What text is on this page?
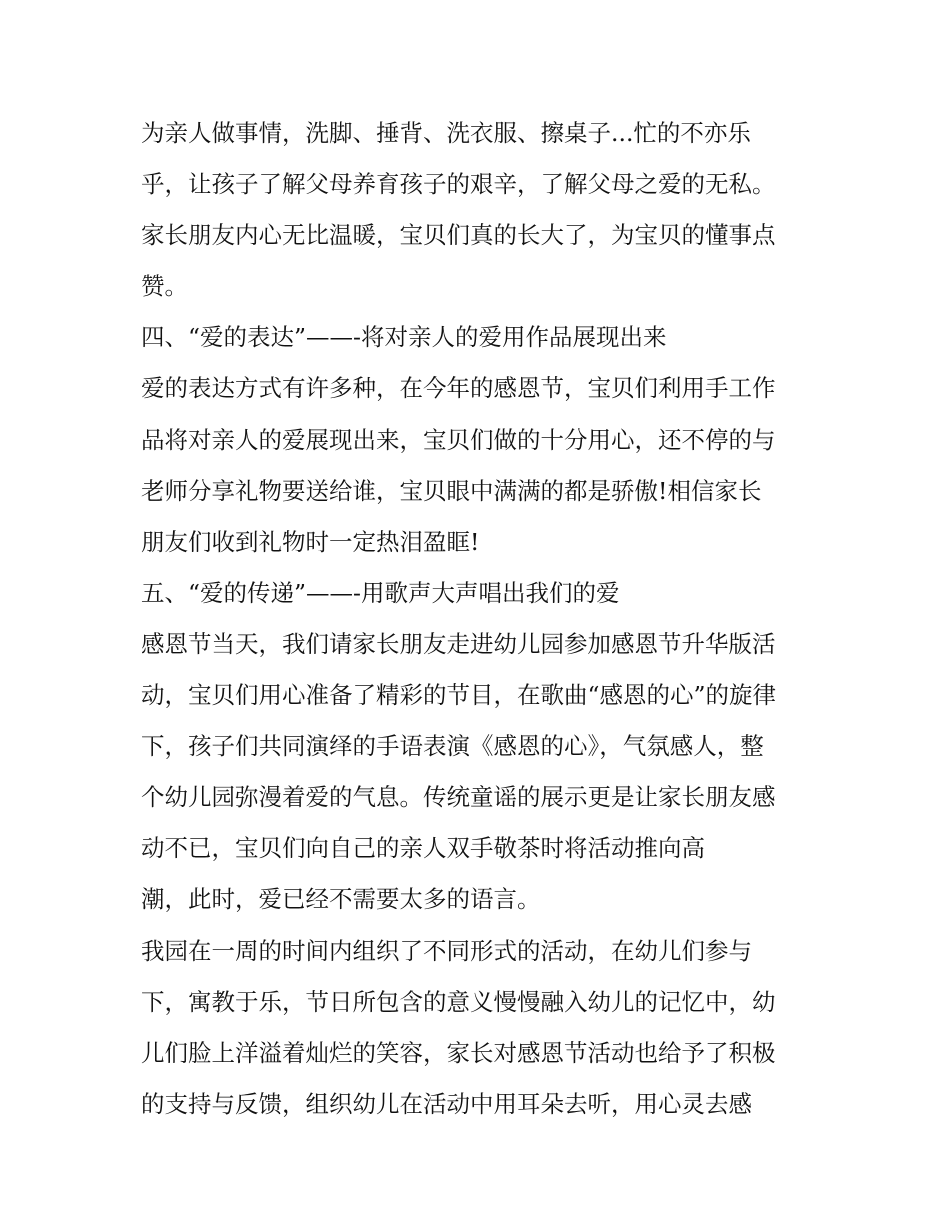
为亲人做事情，洗脚、捶背、洗衣服、擦桌子...忙的不亦乐
乎，让孩子了解父母养育孩子的艰辛，了解父母之爱的无私。
家长朋友内心无比温暖，宝贝们真的长大了，为宝贝的懂事点
赞。
四、“爱的表达”——-将对亲人的爱用作品展现出来
爱的表达方式有许多种，在今年的感恩节，宝贝们利用手工作
品将对亲人的爱展现出来，宝贝们做的十分用心，还不停的与
老师分享礼物要送给谁，宝贝眼中满满的都是骄傲!相信家长
朋友们收到礼物时一定热泪盈眶!
五、“爱的传递”——-用歌声大声唱出我们的爱
感恩节当天，我们请家长朋友走进幼儿园参加感恩节升华版活
动，宝贝们用心准备了精彩的节目，在歌曲“感恩的心”的旋律
下，孩子们共同演绎的手语表演《感恩的心》，气氛感人，整
个幼儿园弥漫着爱的气息。传统童谣的展示更是让家长朋友感
动不已，宝贝们向自己的亲人双手敬茶时将活动推向高
潮，此时，爱已经不需要太多的语言。
我园在一周的时间内组织了不同形式的活动，在幼儿们参与
下，寓教于乐，节日所包含的意义慢慢融入幼儿的记忆中，幼
儿们脸上洋溢着灿烂的笑容，家长对感恩节活动也给予了积极
的支持与反馈，组织幼儿在活动中用耳朵去听，用心灵去感
